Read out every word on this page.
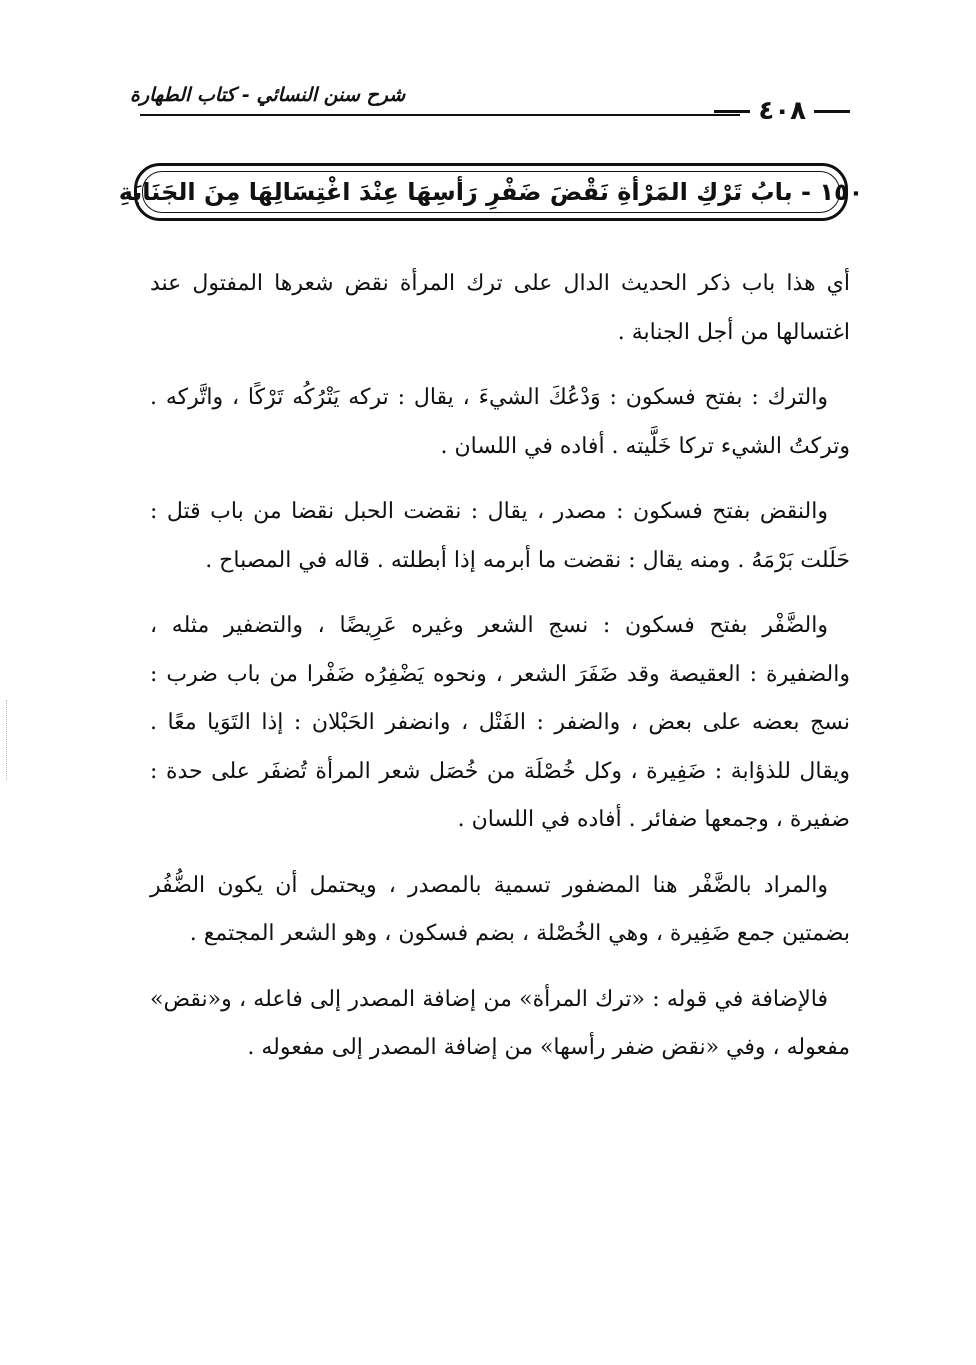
٤٠٨
شرح سنن النسائي - كتاب الطهارة
١٥٠ - بابُ تَرْكِ المَرْأةِ نَقْضَ ضَفْرِ رَأسِهَا عِنْدَ اغْتِسَالِهَا مِنَ الجَنَابَةِ

أي هذا باب ذكر الحديث الدال على ترك المرأة نقض شعرها المفتول عند اغتسالها من أجل الجنابة .

والترك : بفتح فسكون : وَدْعُكَ الشيءَ ، يقال : تركه يَتْرُكُه تَرْكًا ، واتَّركه . وتركتُ الشيء تركا خَلَّيته . أفاده في اللسان .

والنقض بفتح فسكون : مصدر ، يقال : نقضت الحبل نقضا من باب قتل : حَلَلت بَرْمَهُ . ومنه يقال : نقضت ما أبرمه إذا أبطلته . قاله في المصباح .

والضَّفْر بفتح فسكون : نسج الشعر وغيره عَرِيضًا ، والتضفير مثله ، والضفيرة : العقيصة وقد ضَفَرَ الشعر ، ونحوه يَضْفِرُه ضَفْرا من باب ضرب : نسج بعضه على بعض ، والضفر : الفَتْل ، وانضفر الحَبْلان : إذا التَوَيا معًا . ويقال للذؤابة : ضَفِيرة ، وكل خُصْلَة من خُصَل شعر المرأة تُضفَر على حدة : ضفيرة ، وجمعها ضفائر . أفاده في اللسان .

والمراد بالضَّفْر هنا المضفور تسمية بالمصدر ، ويحتمل أن يكون الضُّفُر بضمتين جمع ضَفِيرة ، وهي الخُصْلة ، بضم فسكون ، وهو الشعر المجتمع .

فالإضافة في قوله : «ترك المرأة» من إضافة المصدر إلى فاعله ، و«نقض» مفعوله ، وفي «نقض ضفر رأسها» من إضافة المصدر إلى مفعوله .
